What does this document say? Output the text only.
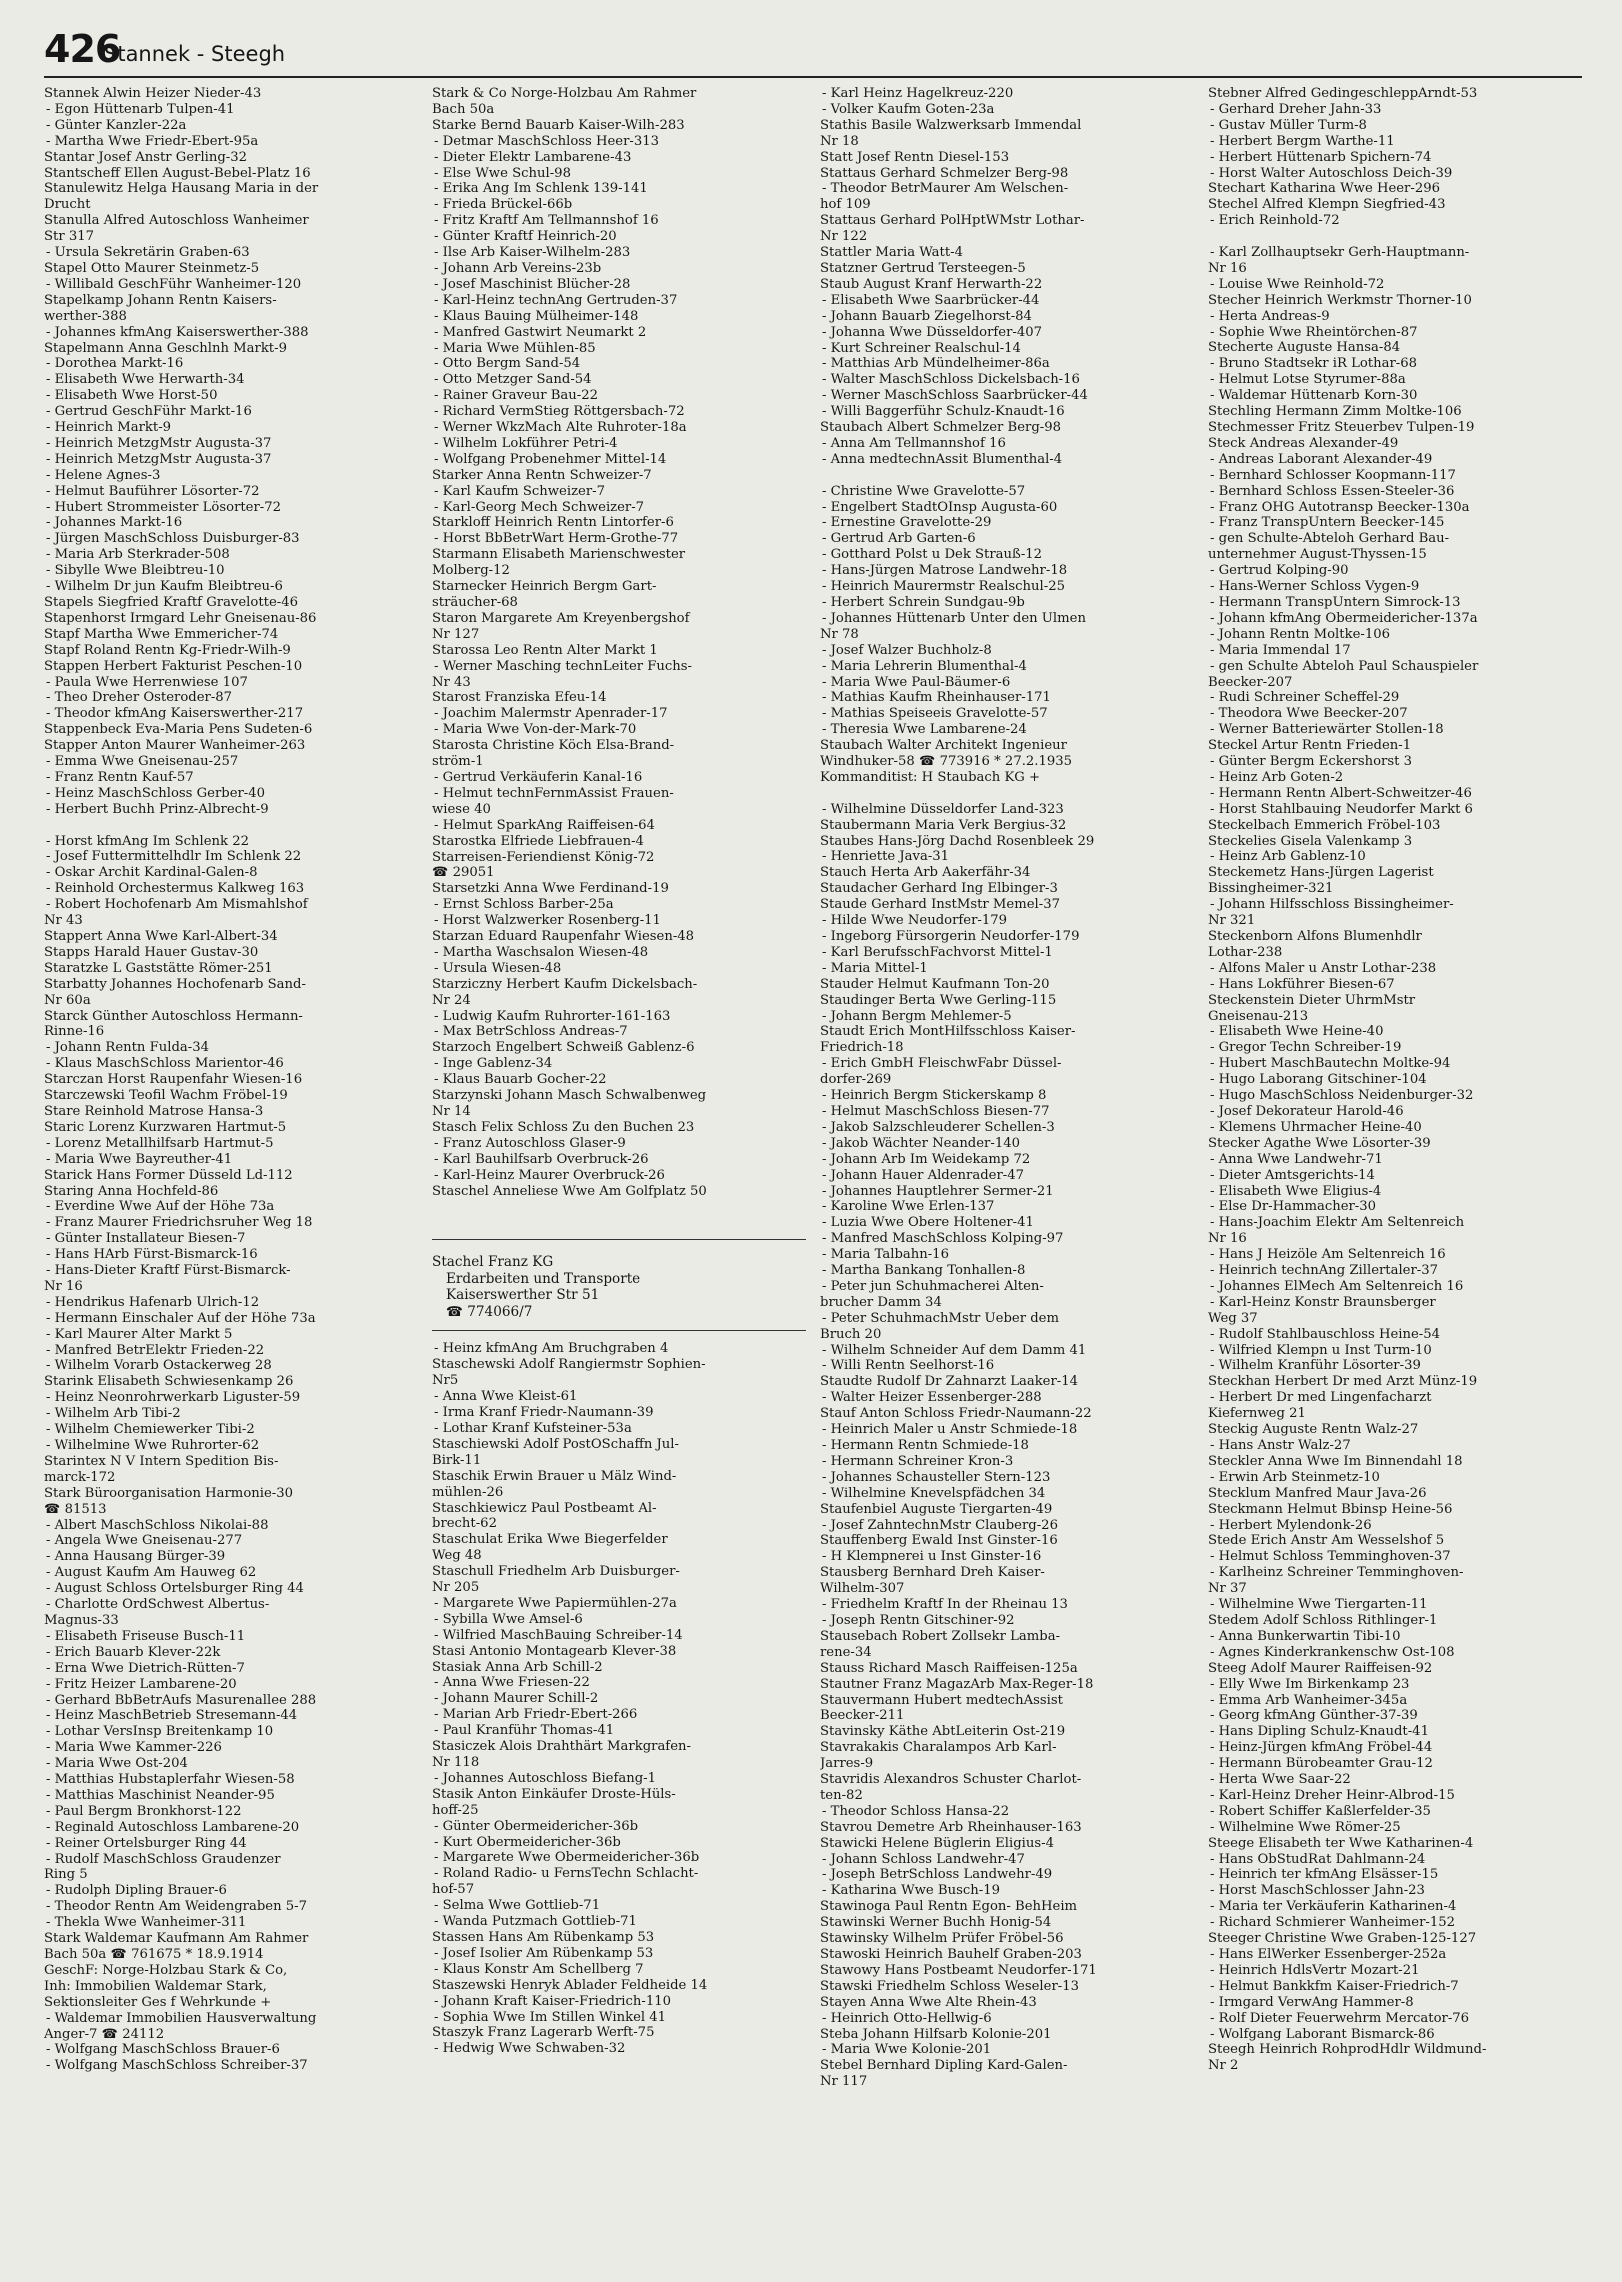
426
Stannek - Steegh
Stannek Alwin Heizer Nieder-43
- Egon Hüttenarb Tulpen-41
- Günter Kanzler-22a
- Martha Wwe Friedr-Ebert-95a
Stantar Josef Anstr Gerling-32
Stantscheff Ellen August-Bebel-Platz 16
Stanulewitz Helga Hausang Maria in der
Drucht
Stanulla Alfred Autoschloss Wanheimer
Str 317
- Ursula Sekretärin Graben-63
Stapel Otto Maurer Steinmetz-5
- Willibald GeschFühr Wanheimer-120
Stapelkamp Johann Rentn Kaisers-
werther-388
- Johannes kfmAng Kaiserswerther-388
Stapelmann Anna Geschlnh Markt-9
- Dorothea Markt-16
- Elisabeth Wwe Herwarth-34
- Elisabeth Wwe Horst-50
- Gertrud GeschFühr Markt-16
- Heinrich Markt-9
- Heinrich MetzgMstr Augusta-37
- Heinrich MetzgMstr Augusta-37
- Helene Agnes-3
- Helmut Bauführer Lösorter-72
- Hubert Strommeister Lösorter-72
- Johannes Markt-16
- Jürgen MaschSchloss Duisburger-83
- Maria Arb Sterkrader-508
- Sibylle Wwe Bleibtreu-10
- Wilhelm Dr jun Kaufm Bleibtreu-6
Stapels Siegfried Kraftf Gravelotte-46
Stapenhorst Irmgard Lehr Gneisenau-86
Stapf Martha Wwe Emmericher-74
Stapf Roland Rentn Kg-Friedr-Wilh-9
Stappen Herbert Fakturist Peschen-10
- Paula Wwe Herrenwiese 107
- Theo Dreher Osteroder-87
- Theodor kfmAng Kaiserswerther-217
Stappenbeck Eva-Maria Pens Sudeten-6
Stapper Anton Maurer Wanheimer-263
- Emma Wwe Gneisenau-257
- Franz Rentn Kauf-57
- Heinz MaschSchloss Gerber-40
- Herbert Buchh Prinz-Albrecht-9
- Horst kfmAng Im Schlenk 22
- Josef Futtermittelhdlr Im Schlenk 22
- Oskar Archit Kardinal-Galen-8
- Reinhold Orchestermus Kalkweg 163
- Robert Hochofenarb Am Mismahlshof
Nr 43
Stappert Anna Wwe Karl-Albert-34
Stapps Harald Hauer Gustav-30
Staratzke L Gaststätte Römer-251
Starbatty Johannes Hochofenarb Sand-
Nr 60a
Starck Günther Autoschloss Hermann-
Rinne-16
- Johann Rentn Fulda-34
- Klaus MaschSchloss Marientor-46
Starczan Horst Raupenfahr Wiesen-16
Starczewski Teofil Wachm Fröbel-19
Stare Reinhold Matrose Hansa-3
Staric Lorenz Kurzwaren Hartmut-5
- Lorenz Metallhilfsarb Hartmut-5
- Maria Wwe Bayreuther-41
Starick Hans Former Düsseld Ld-112
Staring Anna Hochfeld-86
- Everdine Wwe Auf der Höhe 73a
- Franz Maurer Friedrichsruher Weg 18
- Günter Installateur Biesen-7
- Hans HArb Fürst-Bismarck-16
- Hans-Dieter Kraftf Fürst-Bismarck-
Nr 16
- Hendrikus Hafenarb Ulrich-12
- Hermann Einschaler Auf der Höhe 73a
- Karl Maurer Alter Markt 5
- Manfred BetrElektr Frieden-22
- Wilhelm Vorarb Ostackerweg 28
Starink Elisabeth Schwiesenkamp 26
- Heinz Neonrohrwerkarb Liguster-59
- Wilhelm Arb Tibi-2
- Wilhelm Chemiewerker Tibi-2
- Wilhelmine Wwe Ruhrorter-62
Starintex N V Intern Spedition Bis-
marck-172
Stark Büroorganisation Harmonie-30
☎ 81513
- Albert MaschSchloss Nikolai-88
- Angela Wwe Gneisenau-277
- Anna Hausang Bürger-39
- August Kaufm Am Hauweg 62
- August Schloss Ortelsburger Ring 44
- Charlotte OrdSchwest Albertus-
Magnus-33
- Elisabeth Friseuse Busch-11
- Erich Bauarb Klever-22k
- Erna Wwe Dietrich-Rütten-7
- Fritz Heizer Lambarene-20
- Gerhard BbBetrAufs Masurenallee 288
- Heinz MaschBetrieb Stresemann-44
- Lothar VersInsp Breitenkamp 10
- Maria Wwe Kammer-226
- Maria Wwe Ost-204
- Matthias Hubstaplerfahr Wiesen-58
- Matthias Maschinist Neander-95
- Paul Bergm Bronkhorst-122
- Reginald Autoschloss Lambarene-20
- Reiner Ortelsburger Ring 44
- Rudolf MaschSchloss Graudenzer
Ring 5
- Rudolph Dipling Brauer-6
- Theodor Rentn Am Weidengraben 5-7
- Thekla Wwe Wanheimer-311
Stark Waldemar Kaufmann Am Rahmer
Bach 50a ☎ 761675 * 18.9.1914
GeschF: Norge-Holzbau Stark & Co,
Inh: Immobilien Waldemar Stark,
Sektionsleiter Ges f Wehrkunde +
- Waldemar Immobilien Hausverwaltung
Anger-7 ☎ 24112
- Wolfgang MaschSchloss Brauer-6
- Wolfgang MaschSchloss Schreiber-37
Stark & Co Norge-Holzbau Am Rahmer
Bach 50a
Starke Bernd Bauarb Kaiser-Wilh-283
- Detmar MaschSchloss Heer-313
- Dieter Elektr Lambarene-43
- Else Wwe Schul-98
- Erika Ang Im Schlenk 139-141
- Frieda Brückel-66b
- Fritz Kraftf Am Tellmannshof 16
- Günter Kraftf Heinrich-20
- Ilse Arb Kaiser-Wilhelm-283
- Johann Arb Vereins-23b
- Josef Maschinist Blücher-28
- Karl-Heinz technAng Gertruden-37
- Klaus Bauing Mülheimer-148
- Manfred Gastwirt Neumarkt 2
- Maria Wwe Mühlen-85
- Otto Bergm Sand-54
- Otto Metzger Sand-54
- Rainer Graveur Bau-22
- Richard VermStieg Röttgersbach-72
- Werner WkzMach Alte Ruhroter-18a
- Wilhelm Lokführer Petri-4
- Wolfgang Probenehmer Mittel-14
Starker Anna Rentn Schweizer-7
- Karl Kaufm Schweizer-7
- Karl-Georg Mech Schweizer-7
Starkloff Heinrich Rentn Lintorfer-6
- Horst BbBetrWart Herm-Grothe-77
Starmann Elisabeth Marienschwester
Molberg-12
Starnecker Heinrich Bergm Gart-
sträucher-68
Staron Margarete Am Kreyenbergshof
Nr 127
Starossa Leo Rentn Alter Markt 1
- Werner Masching technLeiter Fuchs-
Nr 43
Starost Franziska Efeu-14
- Joachim Malermstr Apenrader-17
- Maria Wwe Von-der-Mark-70
Starosta Christine Köch Elsa-Brand-
ström-1
- Gertrud Verkäuferin Kanal-16
- Helmut technFernmAssist Frauen-
wiese 40
- Helmut SparkAng Raiffeisen-64
Starostka Elfriede Liebfrauen-4
Starreisen-Feriendienst König-72
☎ 29051
Starsetzki Anna Wwe Ferdinand-19
- Ernst Schloss Barber-25a
- Horst Walzwerker Rosenberg-11
Starzan Eduard Raupenfahr Wiesen-48
- Martha Waschsalon Wiesen-48
- Ursula Wiesen-48
Starziczny Herbert Kaufm Dickelsbach-
Nr 24
- Ludwig Kaufm Ruhrorter-161-163
- Max BetrSchloss Andreas-7
Starzoch Engelbert Schweiß Gablenz-6
- Inge Gablenz-34
- Klaus Bauarb Gocher-22
Starzynski Johann Masch Schwalbenweg
Nr 14
Stasch Felix Schloss Zu den Buchen 23
- Franz Autoschloss Glaser-9
- Karl Bauhilfsarb Overbruck-26
- Karl-Heinz Maurer Overbruck-26
Staschel Anneliese Wwe Am Golfplatz 50
Stachel Franz KG
Erdarbeiten und Transporte
Kaiserswerther Str 51
☎ 774066/7
- Heinz kfmAng Am Bruchgraben 4
Staschewski Adolf Rangiermstr Sophien-
Nr5
- Anna Wwe Kleist-61
- Irma Kranf Friedr-Naumann-39
- Lothar Kranf Kufsteiner-53a
Staschiewski Adolf PostOSchaffn Jul-
Birk-11
Staschik Erwin Brauer u Mälz Wind-
mühlen-26
Staschkiewicz Paul Postbeamt Al-
brecht-62
Staschulat Erika Wwe Biegerfelder
Weg 48
Staschull Friedhelm Arb Duisburger-
Nr 205
- Margarete Wwe Papiermühlen-27a
- Sybilla Wwe Amsel-6
- Wilfried MaschBauing Schreiber-14
Stasi Antonio Montagearb Klever-38
Stasiak Anna Arb Schill-2
- Anna Wwe Friesen-22
- Johann Maurer Schill-2
- Marian Arb Friedr-Ebert-266
- Paul Kranführ Thomas-41
Stasiczek Alois Drahthärt Markgrafen-
Nr 118
- Johannes Autoschloss Biefang-1
Stasik Anton Einkäufer Droste-Hüls-
hoff-25
- Günter Obermeidericher-36b
- Kurt Obermeidericher-36b
- Margarete Wwe Obermeidericher-36b
- Roland Radio- u FernsTechn Schlacht-
hof-57
- Selma Wwe Gottlieb-71
- Wanda Putzmach Gottlieb-71
Stassen Hans Am Rübenkamp 53
- Josef Isolier Am Rübenkamp 53
- Klaus Konstr Am Schellberg 7
Staszewski Henryk Ablader Feldheide 14
- Johann Kraft Kaiser-Friedrich-110
- Sophia Wwe Im Stillen Winkel 41
Staszyk Franz Lagerarb Werft-75
- Hedwig Wwe Schwaben-32
- Karl Heinz Hagelkreuz-220
- Volker Kaufm Goten-23a
Stathis Basile Walzwerksarb Immendal
Nr 18
Statt Josef Rentn Diesel-153
Stattaus Gerhard Schmelzer Berg-98
- Theodor BetrMaurer Am Welschen-
hof 109
Stattaus Gerhard PolHptWMstr Lothar-
Nr 122
Stattler Maria Watt-4
Statzner Gertrud Tersteegen-5
Staub August Kranf Herwarth-22
- Elisabeth Wwe Saarbrücker-44
- Johann Bauarb Ziegelhorst-84
- Johanna Wwe Düsseldorfer-407
- Kurt Schreiner Realschul-14
- Matthias Arb Mündelheimer-86a
- Walter MaschSchloss Dickelsbach-16
- Werner MaschSchloss Saarbrücker-44
- Willi Baggerführ Schulz-Knaudt-16
Staubach Albert Schmelzer Berg-98
- Anna Am Tellmannshof 16
- Anna medtechnAssit Blumenthal-4
- Christine Wwe Gravelotte-57
- Engelbert StadtOInsp Augusta-60
- Ernestine Gravelotte-29
- Gertrud Arb Garten-6
- Gotthard Polst u Dek Strauß-12
- Hans-Jürgen Matrose Landwehr-18
- Heinrich Maurermstr Realschul-25
- Herbert Schrein Sundgau-9b
- Johannes Hüttenarb Unter den Ulmen
Nr 78
- Josef Walzer Buchholz-8
- Maria Lehrerin Blumenthal-4
- Maria Wwe Paul-Bäumer-6
- Mathias Kaufm Rheinhauser-171
- Mathias Speiseeis Gravelotte-57
- Theresia Wwe Lambarene-24
Staubach Walter Architekt Ingenieur
Windhuker-58 ☎ 773916 * 27.2.1935
Kommanditist: H Staubach KG +
- Wilhelmine Düsseldorfer Land-323
Staubermann Maria Verk Bergius-32
Staubes Hans-Jörg Dachd Rosenbleek 29
- Henriette Java-31
Stauch Herta Arb Aakerfähr-34
Staudacher Gerhard Ing Elbinger-3
Staude Gerhard InstMstr Memel-37
- Hilde Wwe Neudorfer-179
- Ingeborg Fürsorgerin Neudorfer-179
- Karl BerufsschFachvorst Mittel-1
- Maria Mittel-1
Stauder Helmut Kaufmann Ton-20
Staudinger Berta Wwe Gerling-115
- Johann Bergm Mehlemer-5
Staudt Erich MontHilfsschloss Kaiser-
Friedrich-18
- Erich GmbH FleischwFabr Düssel-
dorfer-269
- Heinrich Bergm Stickerskamp 8
- Helmut MaschSchloss Biesen-77
- Jakob Salzschleuderer Schellen-3
- Jakob Wächter Neander-140
- Johann Arb Im Weidekamp 72
- Johann Hauer Aldenrader-47
- Johannes Hauptlehrer Sermer-21
- Karoline Wwe Erlen-137
- Luzia Wwe Obere Holtener-41
- Manfred MaschSchloss Kolping-97
- Maria Talbahn-16
- Martha Bankang Tonhallen-8
- Peter jun Schuhmacherei Alten-
brucher Damm 34
- Peter SchuhmachMstr Ueber dem
Bruch 20
- Wilhelm Schneider Auf dem Damm 41
- Willi Rentn Seelhorst-16
Staudte Rudolf Dr Zahnarzt Laaker-14
- Walter Heizer Essenberger-288
Stauf Anton Schloss Friedr-Naumann-22
- Heinrich Maler u Anstr Schmiede-18
- Hermann Rentn Schmiede-18
- Hermann Schreiner Kron-3
- Johannes Schausteller Stern-123
- Wilhelmine Knevelspfädchen 34
Staufenbiel Auguste Tiergarten-49
- Josef ZahntechnMstr Clauberg-26
Stauffenberg Ewald Inst Ginster-16
- H Klempnerei u Inst Ginster-16
Stausberg Bernhard Dreh Kaiser-
Wilhelm-307
- Friedhelm Kraftf In der Rheinau 13
- Joseph Rentn Gitschiner-92
Stausebach Robert Zollsekr Lamba-
rene-34
Stauss Richard Masch Raiffeisen-125a
Stautner Franz MagazArb Max-Reger-18
Stauvermann Hubert medtechAssist
Beecker-211
Stavinsky Käthe AbtLeiterin Ost-219
Stavrakakis Charalampos Arb Karl-
Jarres-9
Stavridis Alexandros Schuster Charlot-
ten-82
- Theodor Schloss Hansa-22
Stavrou Demetre Arb Rheinhauser-163
Stawicki Helene Büglerin Eligius-4
- Johann Schloss Landwehr-47
- Joseph BetrSchloss Landwehr-49
- Katharina Wwe Busch-19
Stawinoga Paul Rentn Egon- BehHeim
Stawinski Werner Buchh Honig-54
Stawinsky Wilhelm Prüfer Fröbel-56
Stawoski Heinrich Bauhelf Graben-203
Stawowy Hans Postbeamt Neudorfer-171
Stawski Friedhelm Schloss Weseler-13
Stayen Anna Wwe Alte Rhein-43
- Heinrich Otto-Hellwig-6
Steba Johann Hilfsarb Kolonie-201
- Maria Wwe Kolonie-201
Stebel Bernhard Dipling Kard-Galen-
Nr 117
Stebner Alfred GedingeschleppArndt-53
- Gerhard Dreher Jahn-33
- Gustav Müller Turm-8
- Herbert Bergm Warthe-11
- Herbert Hüttenarb Spichern-74
- Horst Walter Autoschloss Deich-39
Stechart Katharina Wwe Heer-296
Stechel Alfred Klempn Siegfried-43
- Erich Reinhold-72
- Karl Zollhauptsekr Gerh-Hauptmann-
Nr 16
- Louise Wwe Reinhold-72
Stecher Heinrich Werkmstr Thorner-10
- Herta Andreas-9
- Sophie Wwe Rheintörchen-87
Stecherte Auguste Hansa-84
- Bruno Stadtsekr iR Lothar-68
- Helmut Lotse Styrumer-88a
- Waldemar Hüttenarb Korn-30
Stechling Hermann Zimm Moltke-106
Stechmesser Fritz Steuerbev Tulpen-19
Steck Andreas Alexander-49
- Andreas Laborant Alexander-49
- Bernhard Schlosser Koopmann-117
- Bernhard Schloss Essen-Steeler-36
- Franz OHG Autotransp Beecker-130a
- Franz TranspUntern Beecker-145
- gen Schulte-Abteloh Gerhard Bau-
unternehmer August-Thyssen-15
- Gertrud Kolping-90
- Hans-Werner Schloss Vygen-9
- Hermann TranspUntern Simrock-13
- Johann kfmAng Obermeidericher-137a
- Johann Rentn Moltke-106
- Maria Immendal 17
- gen Schulte Abteloh Paul Schauspieler
Beecker-207
- Rudi Schreiner Scheffel-29
- Theodora Wwe Beecker-207
- Werner Batteriewärter Stollen-18
Steckel Artur Rentn Frieden-1
- Günter Bergm Eckershorst 3
- Heinz Arb Goten-2
- Hermann Rentn Albert-Schweitzer-46
- Horst Stahlbauing Neudorfer Markt 6
Steckelbach Emmerich Fröbel-103
Steckelies Gisela Valenkamp 3
- Heinz Arb Gablenz-10
Steckemetz Hans-Jürgen Lagerist
Bissingheimer-321
- Johann Hilfsschloss Bissingheimer-
Nr 321
Steckenborn Alfons Blumenhdlr
Lothar-238
- Alfons Maler u Anstr Lothar-238
- Hans Lokführer Biesen-67
Steckenstein Dieter UhrmMstr
Gneisenau-213
- Elisabeth Wwe Heine-40
- Gregor Techn Schreiber-19
- Hubert MaschBautechn Moltke-94
- Hugo Laborang Gitschiner-104
- Hugo MaschSchloss Neidenburger-32
- Josef Dekorateur Harold-46
- Klemens Uhrmacher Heine-40
Stecker Agathe Wwe Lösorter-39
- Anna Wwe Landwehr-71
- Dieter Amtsgerichts-14
- Elisabeth Wwe Eligius-4
- Else Dr-Hammacher-30
- Hans-Joachim Elektr Am Seltenreich
Nr 16
- Hans J Heizöle Am Seltenreich 16
- Heinrich technAng Zillertaler-37
- Johannes ElMech Am Seltenreich 16
- Karl-Heinz Konstr Braunsberger
Weg 37
- Rudolf Stahlbauschloss Heine-54
- Wilfried Klempn u Inst Turm-10
- Wilhelm Kranführ Lösorter-39
Steckhan Herbert Dr med Arzt Münz-19
- Herbert Dr med Lingenfacharzt
Kiefernweg 21
Steckig Auguste Rentn Walz-27
- Hans Anstr Walz-27
Steckler Anna Wwe Im Binnendahl 18
- Erwin Arb Steinmetz-10
Stecklum Manfred Maur Java-26
Steckmann Helmut Bbinsp Heine-56
- Herbert Mylendonk-26
Stede Erich Anstr Am Wesselshof 5
- Helmut Schloss Temminghoven-37
- Karlheinz Schreiner Temminghoven-
Nr 37
- Wilhelmine Wwe Tiergarten-11
Stedem Adolf Schloss Rithlinger-1
- Anna Bunkerwartin Tibi-10
- Agnes Kinderkrankenschw Ost-108
Steeg Adolf Maurer Raiffeisen-92
- Elly Wwe Im Birkenkamp 23
- Emma Arb Wanheimer-345a
- Georg kfmAng Günther-37-39
- Hans Dipling Schulz-Knaudt-41
- Heinz-Jürgen kfmAng Fröbel-44
- Hermann Bürobeamter Grau-12
- Herta Wwe Saar-22
- Karl-Heinz Dreher Heinr-Albrod-15
- Robert Schiffer Kaßlerfelder-35
- Wilhelmine Wwe Römer-25
Steege Elisabeth ter Wwe Katharinen-4
- Hans ObStudRat Dahlmann-24
- Heinrich ter kfmAng Elsässer-15
- Horst MaschSchlosser Jahn-23
- Maria ter Verkäuferin Katharinen-4
- Richard Schmierer Wanheimer-152
Steeger Christine Wwe Graben-125-127
- Hans ElWerker Essenberger-252a
- Heinrich HdlsVertr Mozart-21
- Helmut Bankkfm Kaiser-Friedrich-7
- Irmgard VerwAng Hammer-8
- Rolf Dieter Feuerwehrm Mercator-76
- Wolfgang Laborant Bismarck-86
Steegh Heinrich RohprodHdlr Wildmund-
Nr 2
